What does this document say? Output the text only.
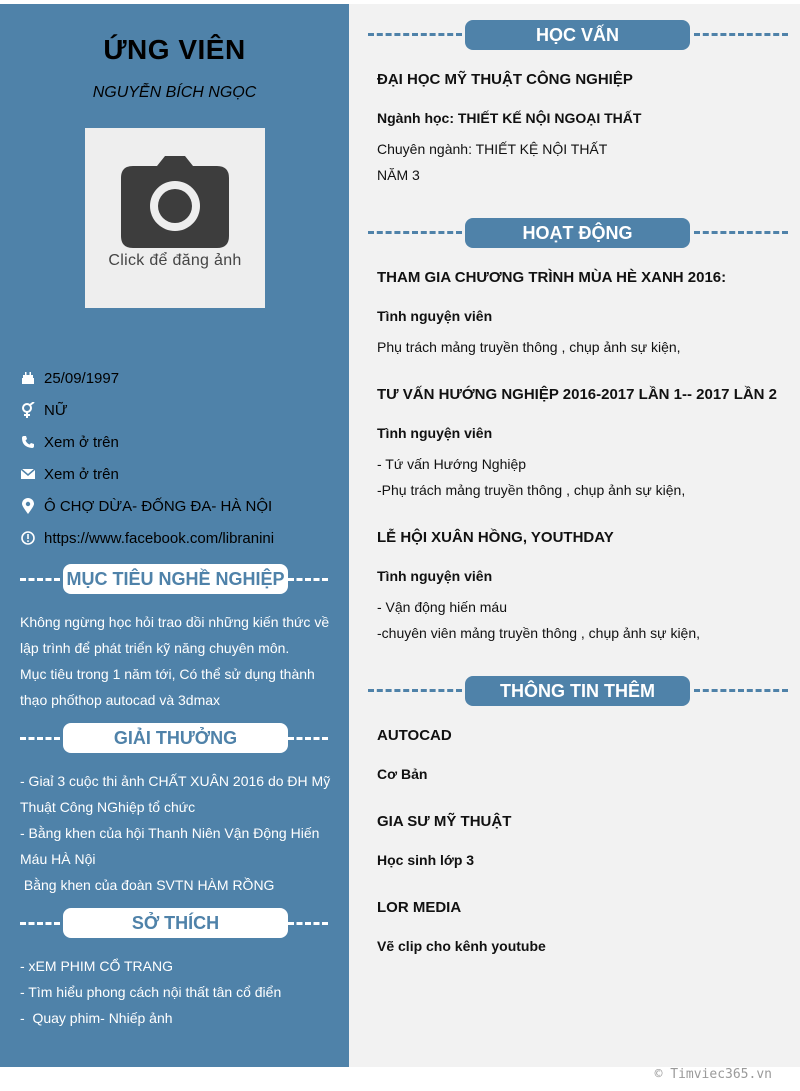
ỨNG VIÊN
NGUYỄN BÍCH NGỌC
Click để đăng ảnh
25/09/1997
NỮ
Xem ở trên
Xem ở trên
Ô CHỢ DỪA- ĐỐNG ĐA- HÀ NỘI
https://www.facebook.com/libranini
MỤC TIÊU NGHỀ NGHIỆP
Không ngừng học hỏi trao dồi những kiến thức về
lập trình để phát triển kỹ năng chuyên môn.
Mục tiêu trong 1 năm tới, Có thể sử dụng thành
thạo phốthop autocad và 3dmax
GIẢI THƯỞNG
- Giaỉ 3 cuộc thi ảnh CHẤT XUÂN 2016 do ĐH Mỹ
Thuật Công NGhiệp tổ chức
- Bằng khen của hội Thanh Niên Vận Động Hiến
Máu HÀ Nội
Bằng khen của đoàn SVTN HÀM RỒNG
SỞ THÍCH
- xEM PHIM CỔ TRANG
- Tìm hiểu phong cách nội thất tân cổ điển
-  Quay phim- Nhiếp ảnh
HỌC VẤN
ĐẠI HỌC MỸ THUẬT CÔNG NGHIỆP
Ngành học: THIẾT KẾ NỘI NGOẠI THẤT
Chuyên ngành: THIẾT KỆ NỘI THẤT
NĂM 3
HOẠT ĐỘNG
THAM GIA CHƯƠNG TRÌNH MÙA HÈ XANH 2016:
Tình nguyện viên
Phụ trách mảng truyền thông , chụp ảnh sự kiện,
TƯ VẤN HƯỚNG NGHIỆP 2016-2017 LẦN 1-- 2017 LẦN 2
Tình nguyện viên
- Tứ vấn Hướng Nghiệp
-Phụ trách mảng truyền thông , chụp ảnh sự kiện,
LỄ HỘI XUÂN HỒNG, YOUTHDAY
Tình nguyện viên
- Vận động hiến máu
-chuyên viên mảng truyền thông , chụp ảnh sự kiện,
THÔNG TIN THÊM
AUTOCAD
Cơ Bản
GIA SƯ MỸ THUẬT
Học sinh lớp 3
LOR MEDIA
Vẽ clip cho kênh youtube
© Timviec365.vn
